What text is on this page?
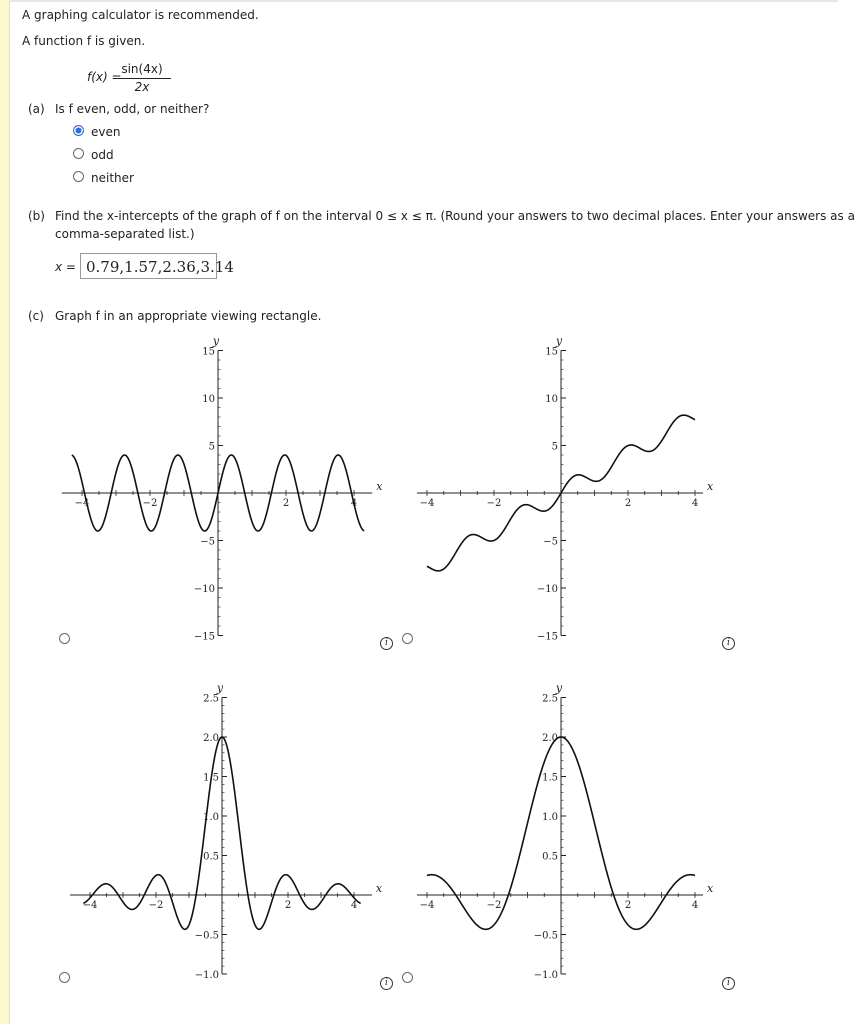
A graphing calculator is recommended.
A function f is given.
f(x) =
$\frac{\sin(4x)}{2x}$
(a) Is f even, odd, or neither?
even
odd
neither
(b) Find the x-intercepts of the graph of f on the interval 0 ≤ x ≤ π. (Round your answers to two decimal places. Enter your answers as a
comma-separated list.)
x = 0.79,1.57,2.36,3.14
(c) Graph f in an appropriate viewing rectangle.
−4	−2	2	4
−15
−10
−5
5
10
15
x
y
−4	−2	2	4
−15
−10
−5
5
10
15
x
y
−4	−2	2	4
−1.0
−0.5
0.5
1.0
1.5
2.0
2.5
x
y
−4	−2	2	4
−1.0
−0.5
0.5
1.0
1.5
2.0
2.5
x
y
i	i
i	i
